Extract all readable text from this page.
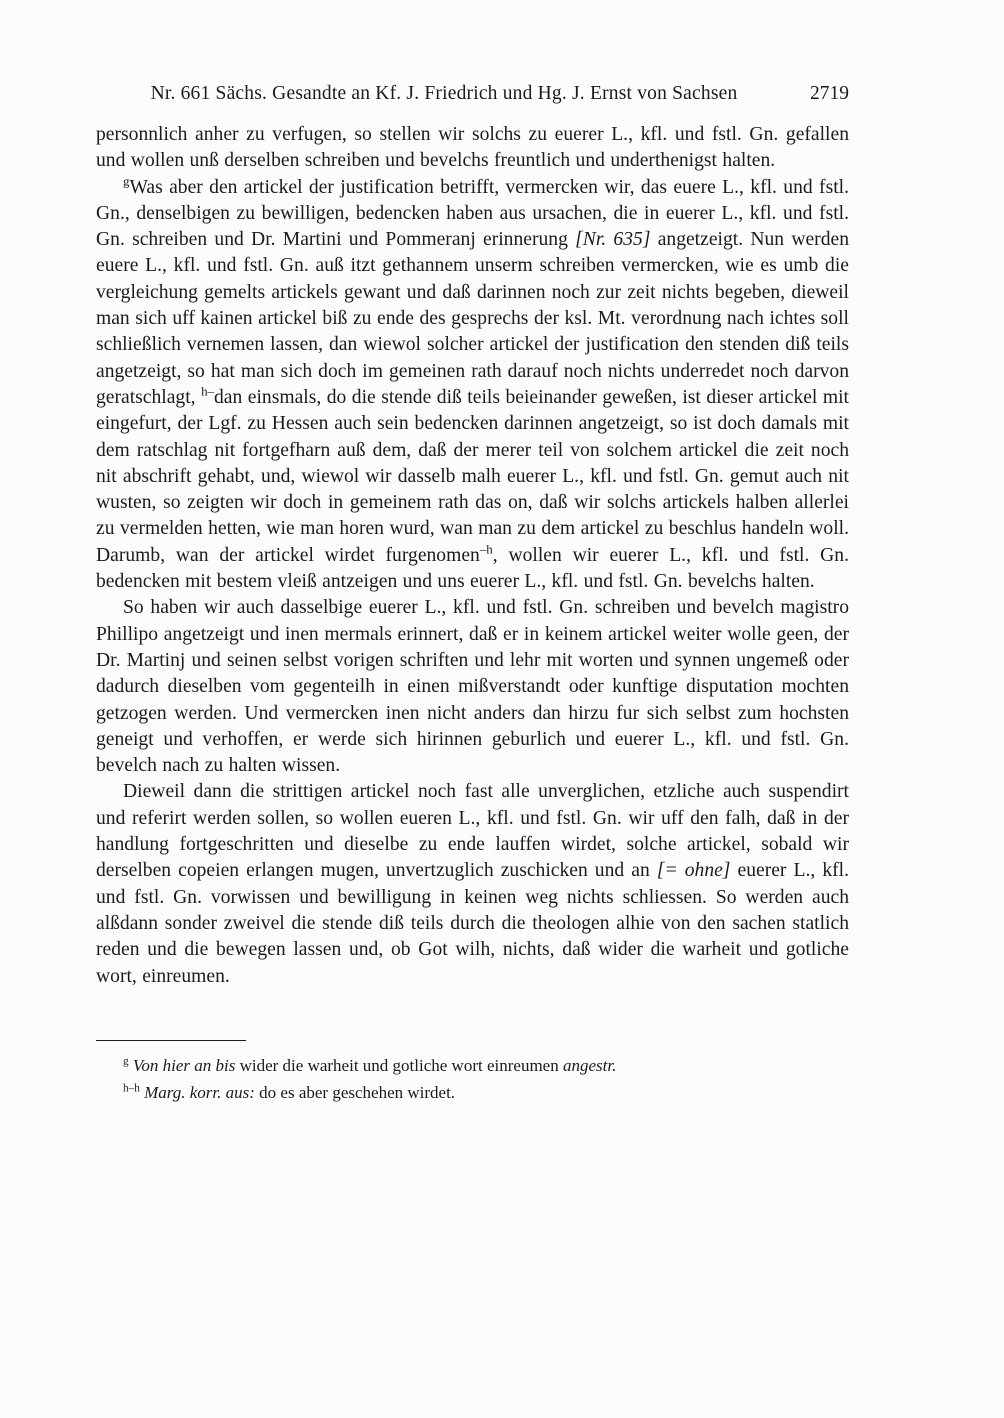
Nr. 661 Sächs. Gesandte an Kf. J. Friedrich und Hg. J. Ernst von Sachsen	2719

personnlich anher zu verfugen, so stellen wir solchs zu euerer L., kfl. und fstl. Gn. gefallen und wollen unß derselben schreiben und bevelchs freuntlich und underthenigst halten.

$^g$Was aber den artickel der justification betrifft, vermercken wir, das euere L., kfl. und fstl. Gn., denselbigen zu bewilligen, bedencken haben aus ursachen, die in euerer L., kfl. und fstl. Gn. schreiben und Dr. Martini und Pommeranj erinnerung [Nr. 635] angetzeigt. Nun werden euere L., kfl. und fstl. Gn. auß itzt gethannem unserm schreiben vermercken, wie es umb die vergleichung gemelts artickels gewant und daß darinnen noch zur zeit nichts begeben, dieweil man sich uff kainen artickel biß zu ende des gesprechs der ksl. Mt. verordnung nach ichtes soll schließlich vernemen lassen, dan wiewol solcher artickel der justification den stenden diß teils angetzeigt, so hat man sich doch im gemeinen rath darauf noch nichts underredet noch darvon geratschlagt, $^{h-}$dan einsmals, do die stende diß teils beieinander geweßen, ist dieser artickel mit eingefurt, der Lgf. zu Hessen auch sein bedencken darinnen angetzeigt, so ist doch damals mit dem ratschlag nit fortgefharn auß dem, daß der merer teil von solchem artickel die zeit noch nit abschrift gehabt, und, wiewol wir dasselb malh euerer L., kfl. und fstl. Gn. gemut auch nit wusten, so zeigten wir doch in gemeinem rath das on, daß wir solchs artickels halben allerlei zu vermelden hetten, wie man horen wurd, wan man zu dem artickel zu beschlus handeln woll. Darumb, wan der artickel wirdet furgenomen$^{-h}$, wollen wir euerer L., kfl. und fstl. Gn. bedencken mit bestem vleiß antzeigen und uns euerer L., kfl. und fstl. Gn. bevelchs halten.

So haben wir auch dasselbige euerer L., kfl. und fstl. Gn. schreiben und bevelch magistro Phillipo angetzeigt und inen mermals erinnert, daß er in keinem artickel weiter wolle geen, der Dr. Martinj und seinen selbst vorigen schriften und lehr mit worten und synnen ungemeß oder dadurch dieselben vom gegenteilh in einen mißverstandt oder kunftige disputation mochten getzogen werden. Und vermercken inen nicht anders dan hirzu fur sich selbst zum hochsten geneigt und verhoffen, er werde sich hirinnen geburlich und euerer L., kfl. und fstl. Gn. bevelch nach zu halten wissen.

Dieweil dann die strittigen artickel noch fast alle unverglichen, etzliche auch suspendirt und referirt werden sollen, so wollen eueren L., kfl. und fstl. Gn. wir uff den falh, daß in der handlung fortgeschritten und dieselbe zu ende lauffen wirdet, solche artickel, sobald wir derselben copeien erlangen mugen, unvertzuglich zuschicken und an [= ohne] euerer L., kfl. und fstl. Gn. vorwissen und bewilligung in keinen weg nichts schliessen. So werden auch alßdann sonder zweivel die stende diß teils durch die theologen alhie von den sachen statlich reden und die bewegen lassen und, ob Got wilh, nichts, daß wider die warheit und gotliche wort, einreumen.

$^g$ Von hier an bis wider die warheit und gotliche wort einreumen angestr.

$^{h-h}$ Marg. korr. aus: do es aber geschehen wirdet.
